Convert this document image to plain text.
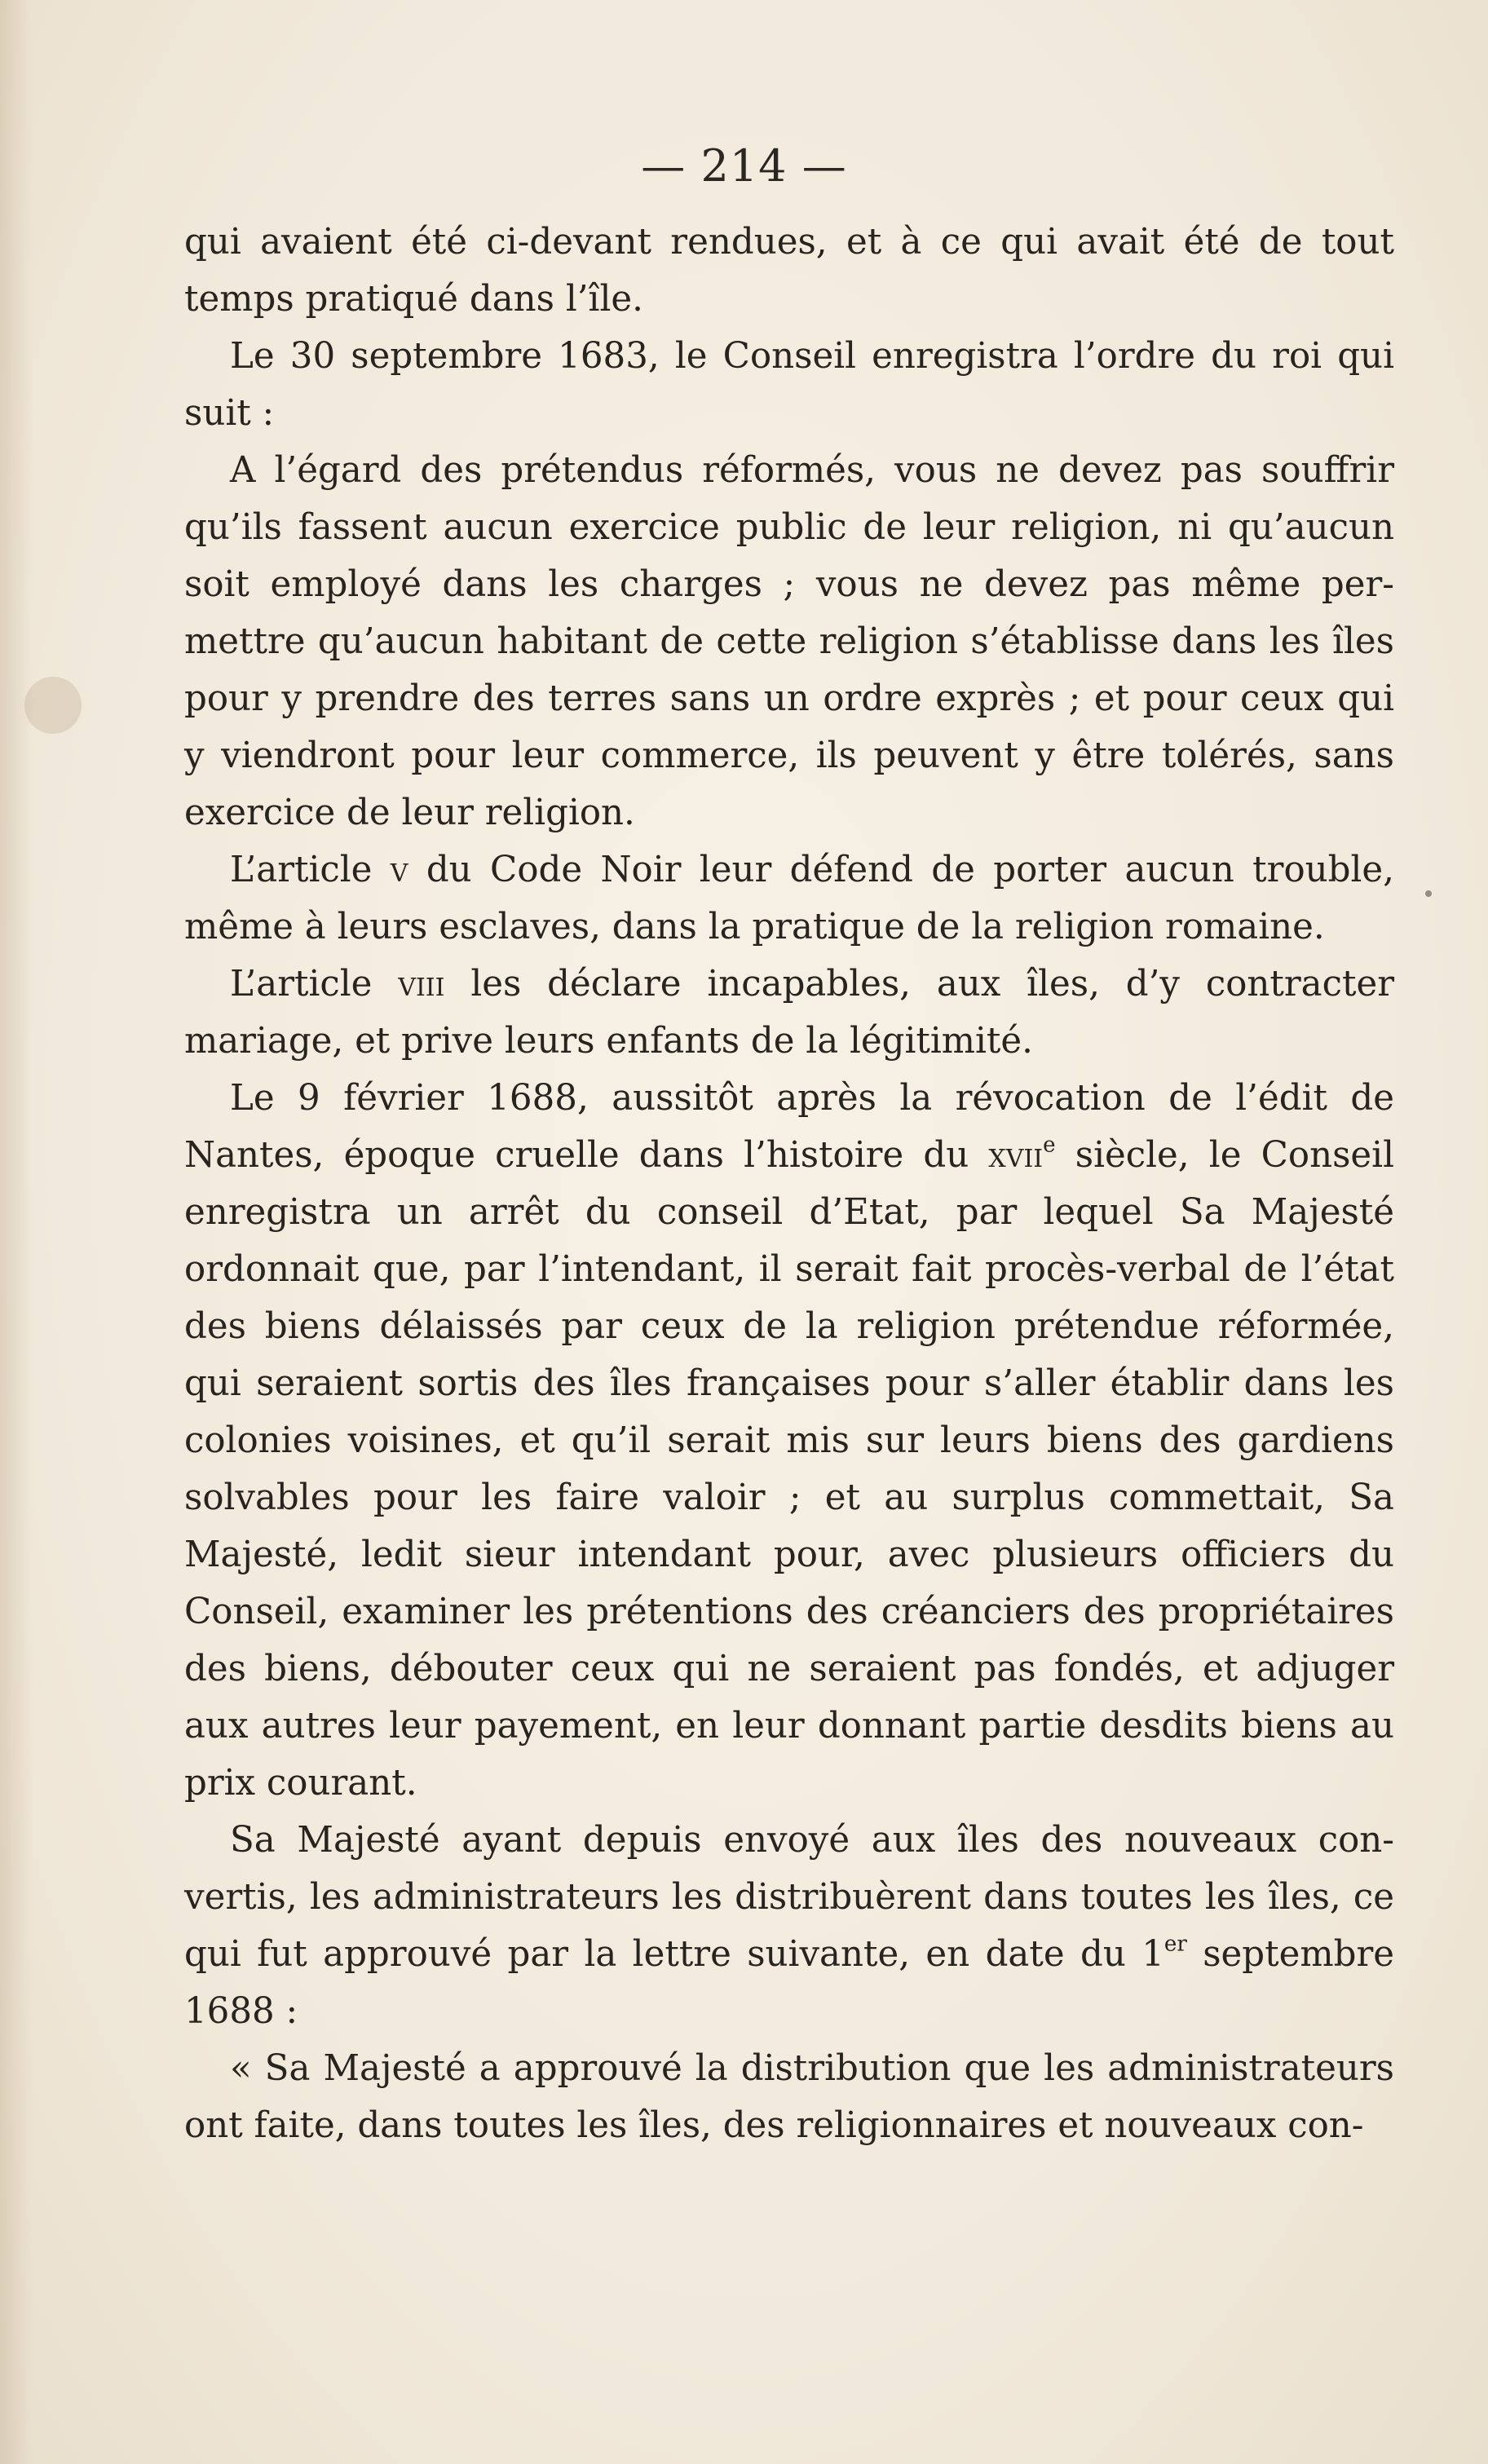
— 214 —

qui avaient été ci-devant rendues, et à ce qui avait été de tout temps pratiqué dans l’île.

Le 30 septembre 1683, le Conseil enregistra l’ordre du roi qui suit :

A l’égard des prétendus réformés, vous ne devez pas souffrir qu’ils fassent aucun exercice public de leur religion, ni qu’aucun soit employé dans les charges ; vous ne devez pas même permettre qu’aucun habitant de cette religion s’établisse dans les îles pour y prendre des terres sans un ordre exprès ; et pour ceux qui y viendront pour leur commerce, ils peuvent y être tolérés, sans exercice de leur religion.

L’article v du Code Noir leur défend de porter aucun trouble, même à leurs esclaves, dans la pratique de la religion romaine.

L’article viii les déclare incapables, aux îles, d’y contracter mariage, et prive leurs enfants de la légitimité.

Le 9 février 1688, aussitôt après la révocation de l’édit de Nantes, époque cruelle dans l’histoire du xvii$^e$ siècle, le Conseil enregistra un arrêt du conseil d’Etat, par lequel Sa Majesté ordonnait que, par l’intendant, il serait fait procès-verbal de l’état des biens délaissés par ceux de la religion prétendue réformée, qui seraient sortis des îles françaises pour s’aller établir dans les colonies voisines, et qu’il serait mis sur leurs biens des gardiens solvables pour les faire valoir ; et au surplus commettait, Sa Majesté, ledit sieur intendant pour, avec plusieurs officiers du Conseil, examiner les prétentions des créanciers des propriétaires des biens, débouter ceux qui ne seraient pas fondés, et adjuger aux autres leur payement, en leur donnant partie desdits biens au prix courant.

Sa Majesté ayant depuis envoyé aux îles des nouveaux convertis, les administrateurs les distribuèrent dans toutes les îles, ce qui fut approuvé par la lettre suivante, en date du 1er septembre 1688 :

« Sa Majesté a approuvé la distribution que les administrateurs ont faite, dans toutes les îles, des religionnaires et nouveaux con-
